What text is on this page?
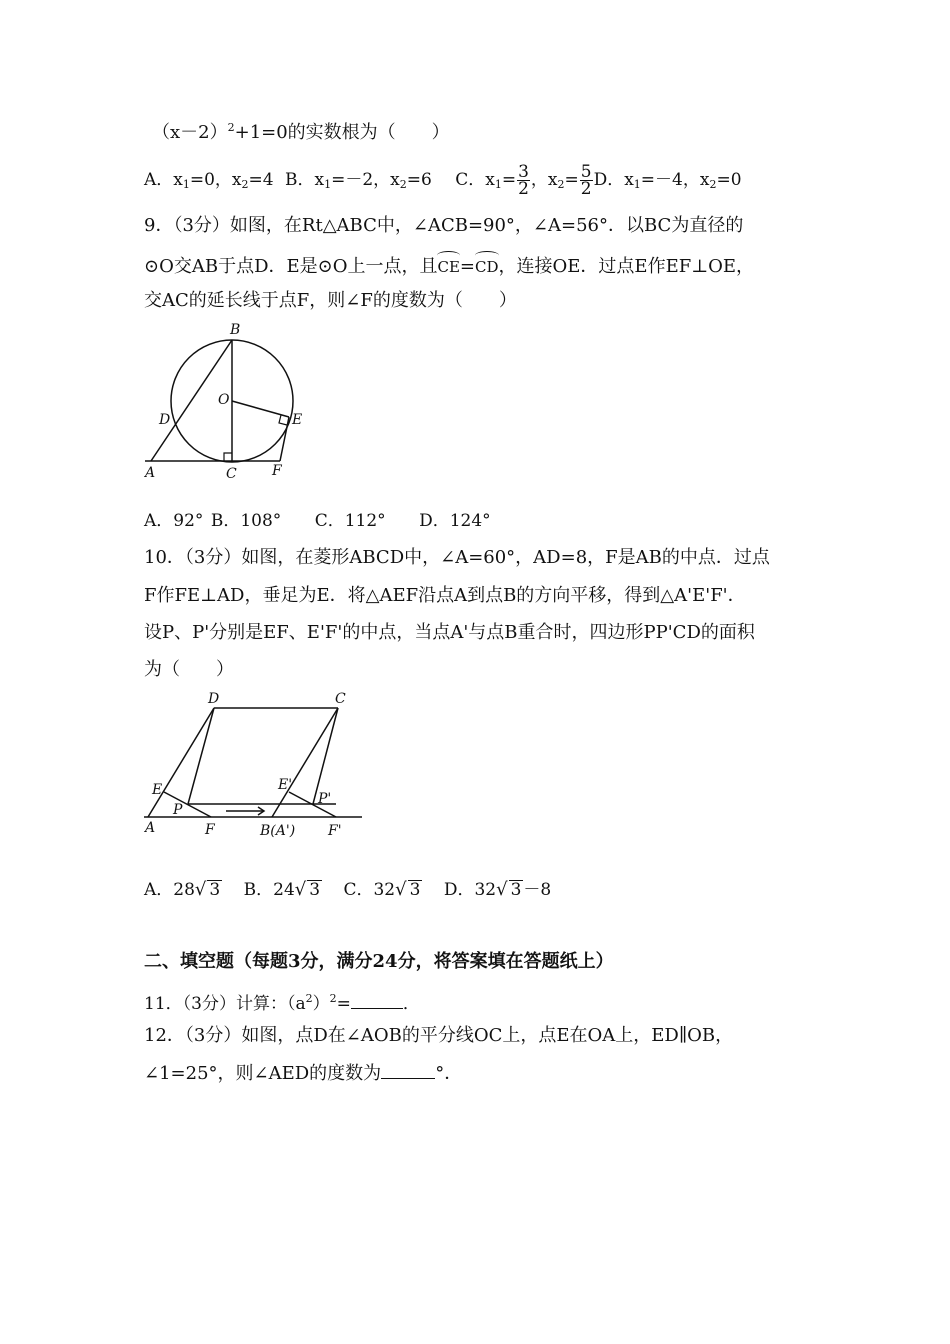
$(x-2)^2+1=0$的实数根为（　　）
A．$x_1=0$，$x_2=4$ B．$x_1=-2$，$x_2=6$ C．$x_1= \frac{3}{2}$ ，$x_2= \frac{5}{2}$ D．$x_1=-4$，$x_2=0$
9．（3分）如图，在Rt△ABC中，∠ACB=90°，∠A=56°．以BC为直径的
⊙O交AB于点D．E是⊙O上一点，且CE=CD，连接OE．过点E作EF⊥OE，
交AC的延长线于点F，则∠F的度数为（　　）
B
O
D	E
A	C	F
A．92° B．108° C．112° D．124°
10．（3分）如图，在菱形ABCD中，∠A=60°，AD=8，F是AB的中点．过点
F作FE⊥AD，垂足为E．将△AEF沿点A到点B的方向平移，得到△A'E'F'．
设P、P'分别是EF、E'F'的中点，当点A'与点B重合时，四边形PP'CD的面积
为（　　）
D	C
E
P
A	F
E'
P'
B(A') F'
A．28√ 3 B．24√ 3 C．32√ 3 D．32√ 3 －8
二、填空题（每题3分，满分24分，将答案填在答题纸上）
11．（3分）计算：$(a^2)^2=$	．
12．（3分）如图，点D在∠AOB的平分线OC上，点E在OA上，ED∥OB，
∠1=25°，则∠AED的度数为	°．
